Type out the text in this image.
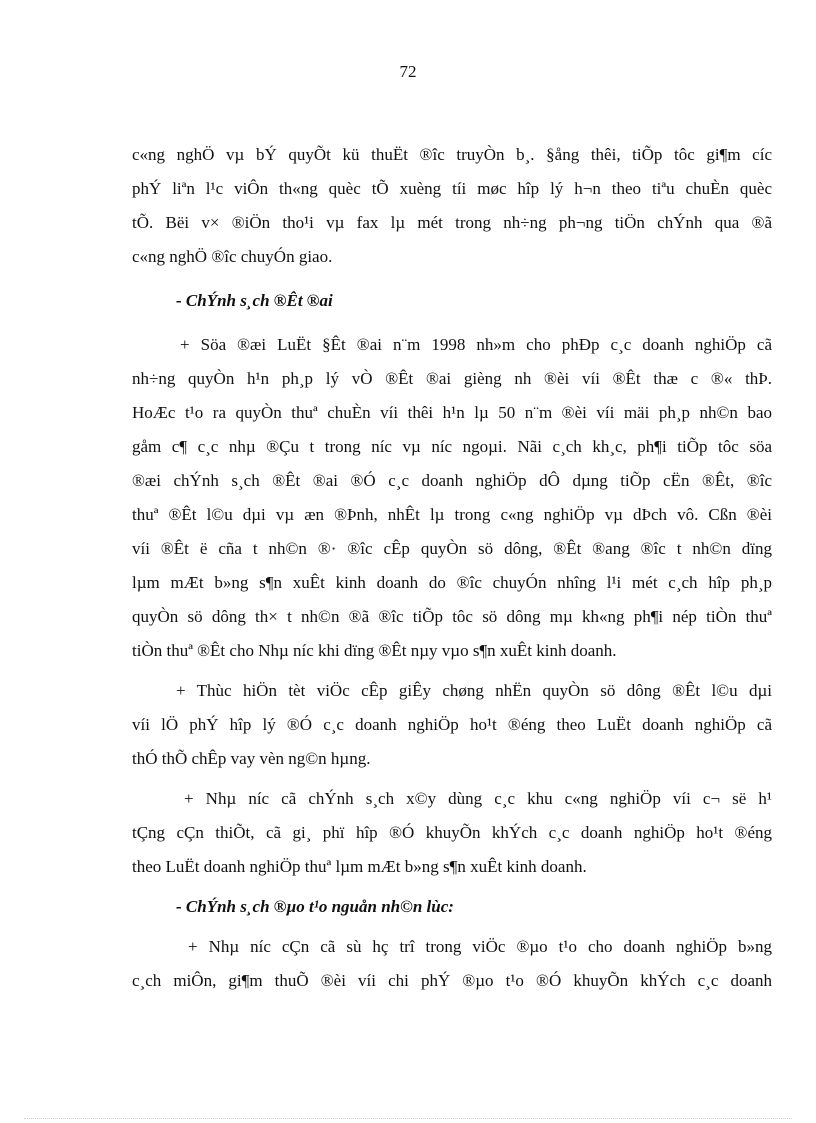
72
c«ng nghÖ vµ bÝ quyÕt kü thuËt ®îc truyÒn b¸. §ång thêi, tiÕp tôc gi¶m cíc
phÝ liªn l¹c viÔn th«ng quèc tÕ xuèng tíi møc hîp lý h¬n theo tiªu chuÈn quèc
tÕ. Bëi v× ®iÖn tho¹i vµ fax lµ mét trong nh÷ng ph¬ng tiÖn chÝnh qua ®ã
c«ng nghÖ ®îc chuyÓn giao.
- ChÝnh s¸ch ®Êt ®ai
+ Söa ®æi LuËt §Êt ®ai n¨m 1998 nh»m cho phÐp c¸c doanh nghiÖp cã
nh÷ng quyÒn h¹n ph¸p lý vÒ ®Êt ®ai gièng nh ®èi víi ®Êt thæ c ®« thÞ.
HoÆc t¹o ra quyÒn thuª chuÈn víi thêi h¹n lµ 50 n¨m ®èi víi mäi ph¸p nh©n bao
gåm c¶ c¸c nhµ ®Çu t trong níc vµ níc ngoµi. Nãi c¸ch kh¸c, ph¶i tiÕp tôc söa
®æi chÝnh s¸ch ®Êt ®ai ®Ó c¸c doanh nghiÖp dÔ dµng tiÕp cËn ®Êt, ®îc
thuª ®Êt l©u dµi vµ æn ®Þnh, nhÊt lµ trong c«ng nghiÖp vµ dÞch vô. Cßn ®èi
víi ®Êt ë cña t nh©n ®· ®îc cÊp quyÒn sö dông, ®Êt ®ang ®îc t nh©n dïng
lµm mÆt b»ng s¶n xuÊt kinh doanh do ®îc chuyÓn nhîng l¹i mét c¸ch hîp ph¸p
quyÒn sö dông th× t nh©n ®ã ®îc tiÕp tôc sö dông mµ kh«ng ph¶i nép tiÒn thuª
tiÒn thuª ®Êt cho Nhµ níc khi dïng ®Êt nµy vµo s¶n xuÊt kinh doanh.
+ Thùc hiÖn tèt viÖc cÊp giÊy chøng nhËn quyÒn sö dông ®Êt l©u dµi
víi lÖ phÝ hîp lý ®Ó c¸c doanh nghiÖp ho¹t ®éng theo LuËt doanh nghiÖp cã
thÓ thÕ chÊp vay vèn ng©n hµng.
+ Nhµ níc cã chÝnh s¸ch x©y dùng c¸c khu c«ng nghiÖp víi c¬ së h¹
tÇng cÇn thiÕt, cã gi¸ phï hîp ®Ó khuyÕn khÝch c¸c doanh nghiÖp ho¹t ®éng
theo LuËt doanh nghiÖp thuª lµm mÆt b»ng s¶n xuÊt kinh doanh.
- ChÝnh s¸ch ®µo t¹o nguån nh©n lùc:
+ Nhµ níc cÇn cã sù hç trî trong viÖc ®µo t¹o cho doanh nghiÖp b»ng
c¸ch miÔn, gi¶m thuÕ ®èi víi chi phÝ ®µo t¹o ®Ó khuyÕn khÝch c¸c doanh
